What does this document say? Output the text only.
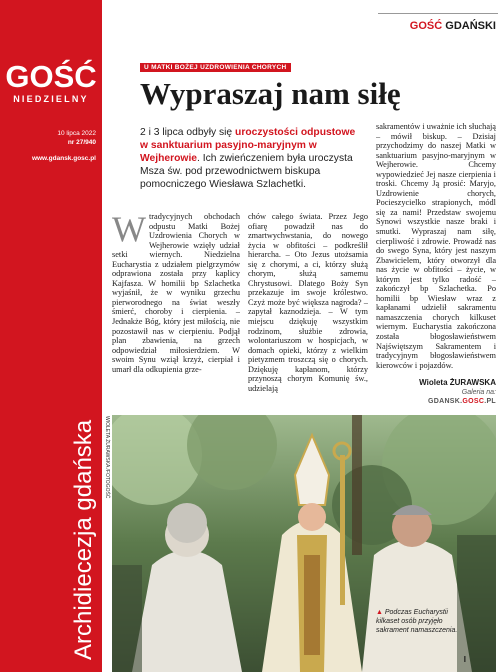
GOŚĆ
NIEDZIELNY
10 lipca 2022
nr 27/940
www.gdansk.gosc.pl
Archidiecezja gdańska
GOŚĆ GDAŃSKI
U MATKI BOŻEJ UZDROWIENIA CHORYCH
Wypraszaj nam siłę
2 i 3 lipca odbyły się uroczystości odpustowe w sanktuarium pasyjno-maryjnym w Wejherowie. Ich zwieńczeniem była uroczysta Msza św. pod przewodnictwem biskupa pomocniczego Wiesława Szlachetki.
Wtradycyjnych obchodach odpustu Matki Bożej Uzdrowienia Chorych w Wejherowie wzięły udział setki wiernych. Niedzielna Eucharystia z udziałem pielgrzymów odprawiona została przy kaplicy Kajfasza. W homilii bp Szlachetka wyjaśnił, że w wyniku grzechu pierworodnego na świat weszły śmierć, choroby i cierpienia. – Jednakże Bóg, który jest miłością, nie pozostawił nas w cierpieniu. Podjął plan zbawienia, na grzech odpowiedział miłosierdziem. W swoim Synu wziął krzyż, cierpiał i umarł dla odkupienia grze-
chów całego świata. Przez Jego ofiarę powadził nas do zmartwychwstania, do nowego życia w obfitości – podkreślił hierarcha. – Oto Jezus utożsamia się z chorymi, a ci, którzy służą chorym, służą samemu Chrystusowi. Dlatego Boży Syn przekazuje im swoje królestwo. Czyż może być większa nagroda? – zapytał kaznodzieja. – W tym miejscu dziękuję wszystkim rodzinom, służbie zdrowia, wolontariuszom w hospicjach, w domach opieki, którzy z wielkim pietyzmem troszczą się o chorych. Dziękuję kapłanom, którzy przynoszą chorym Komunię św., udzielają
sakramentów i uważnie ich słuchają – mówił biskup. – Dzisiaj przychodzimy do naszej Matki w sanktuarium pasyjno-maryjnym w Wejherowie. Chcemy wypowiedzieć Jej nasze cierpienia i troski. Chcemy Ją prosić: Maryjo, Uzdrowienie chorych, Pocieszycielko strapionych, módl się za nami! Przedstaw swojemu Synowi wszystkie nasze braki i smutki. Wypraszaj nam siłę, cierpliwość i zdrowie. Prowadź nas do swego Syna, który jest naszym Zbawicielem, który otworzył dla nas życie w obfitości – życie, w którym jest tylko radość – zakończył bp Szlachetka. Po homilii bp Wiesław wraz z kapłanami udzielił sakramentu namaszczenia chorych kilkuset wiernym. Eucharystia zakończona została błogosławieństwem Najświętszym Sakramentem i tradycyjnym błogosławieństwem kierowców i pojazdów.
Wioleta ŻURAWSKA
Galeria na:
GDANSK.GOSC.PL
WIOLETA ŻURAWSKA /FOTOGOŚĆ
▲ Podczas Eucharystii kilkaset osób przyjęło sakrament namaszczenia.
I
